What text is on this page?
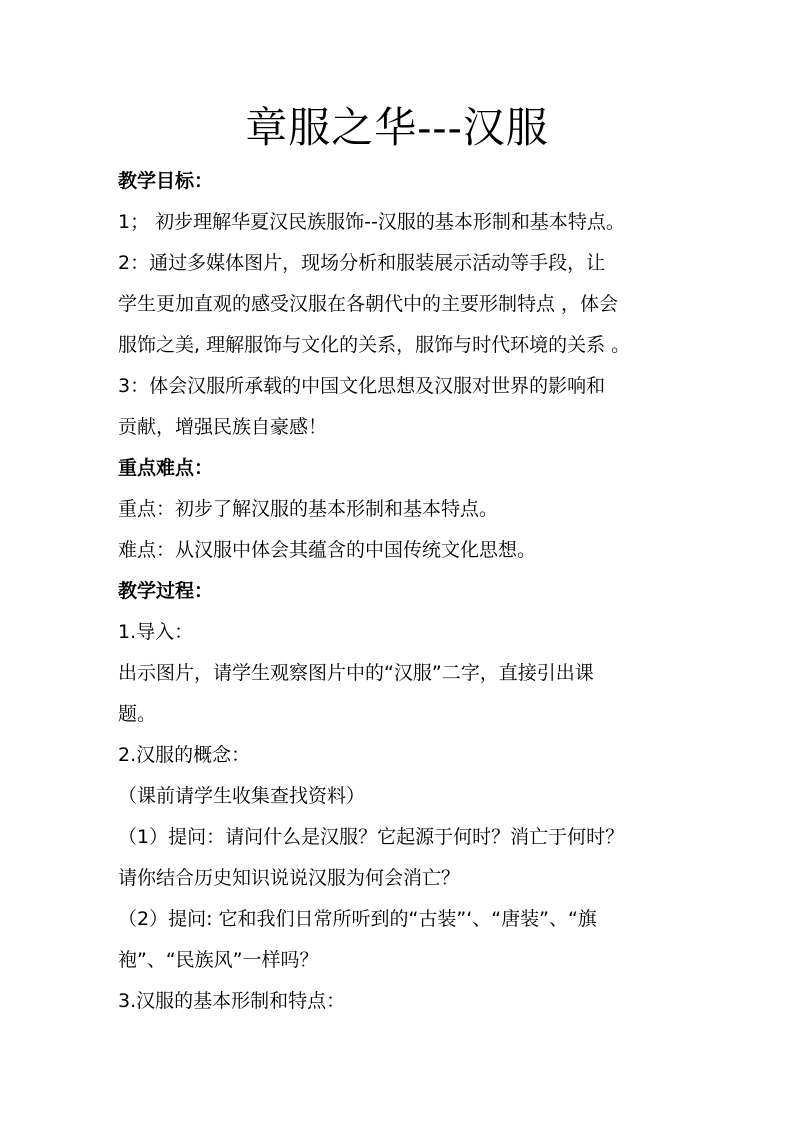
章服之华---汉服
教学目标：
1； 初步理解华夏汉民族服饰--汉服的基本形制和基本特点。
2：通过多媒体图片，现场分析和服装展示活动等手段，让
学生更加直观的感受汉服在各朝代中的主要形制特点 ，体会
服饰之美, 理解服饰与文化的关系，服饰与时代环境的关系 。
3：体会汉服所承载的中国文化思想及汉服对世界的影响和
贡献，增强民族自豪感！
重点难点：
重点：初步了解汉服的基本形制和基本特点。
难点：从汉服中体会其蕴含的中国传统文化思想。
教学过程：
1.导入：
出示图片，请学生观察图片中的“汉服”二字，直接引出课
题。
2.汉服的概念：
（课前请学生收集查找资料）
（1）提问：请问什么是汉服？它起源于何时？消亡于何时？
请你结合历史知识说说汉服为何会消亡？
（2）提问: 它和我们日常所听到的“古装”‘、“唐装”、“旗
袍”、“民族风”一样吗？
3.汉服的基本形制和特点：
